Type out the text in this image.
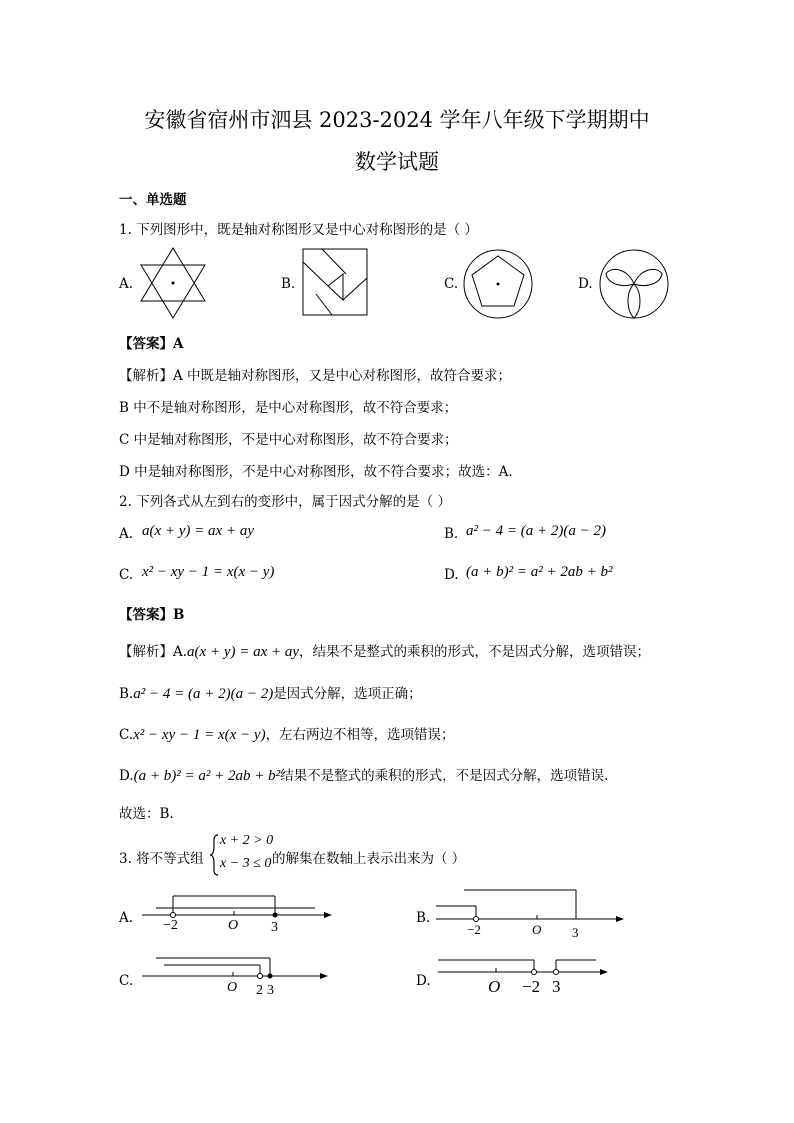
安徽省宿州市泗县 2023-2024 学年八年级下学期期中
数学试题
一、单选题
1. 下列图形中，既是轴对称图形又是中心对称图形的是（ ）
A.	B.	C.	D.
【答案】A
【解析】A 中既是轴对称图形，又是中心对称图形，故符合要求；
B 中不是轴对称图形，是中心对称图形，故不符合要求；
C 中是轴对称图形，不是中心对称图形，故不符合要求；
D 中是轴对称图形，不是中心对称图形，故不符合要求；故选：A.
2. 下列各式从左到右的变形中，属于因式分解的是（ ）
A. a(x + y) = ax + ay	B. a² − 4 = (a + 2)(a − 2)
C. x² − xy − 1 = x(x − y)	D. (a + b)² = a² + 2ab + b²
【答案】B
【解析】A.a(x + y) = ax + ay，结果不是整式的乘积的形式，不是因式分解，选项错误；
B.a² − 4 = (a + 2)(a − 2)是因式分解，选项正确；
C.x² − xy − 1 = x(x − y)，左右两边不相等，选项错误；
D.(a + b)² = a² + 2ab + b²结果不是整式的乘积的形式，不是因式分解，选项错误.
故选：B.
3. 将不等式组
x + 2 > 0
x − 3 ≤ 0 的解集在数轴上表示出来为（ ）
A. −2	O 3
B.
−2	O 3
C.	O 2 3
D.	O −2 3
